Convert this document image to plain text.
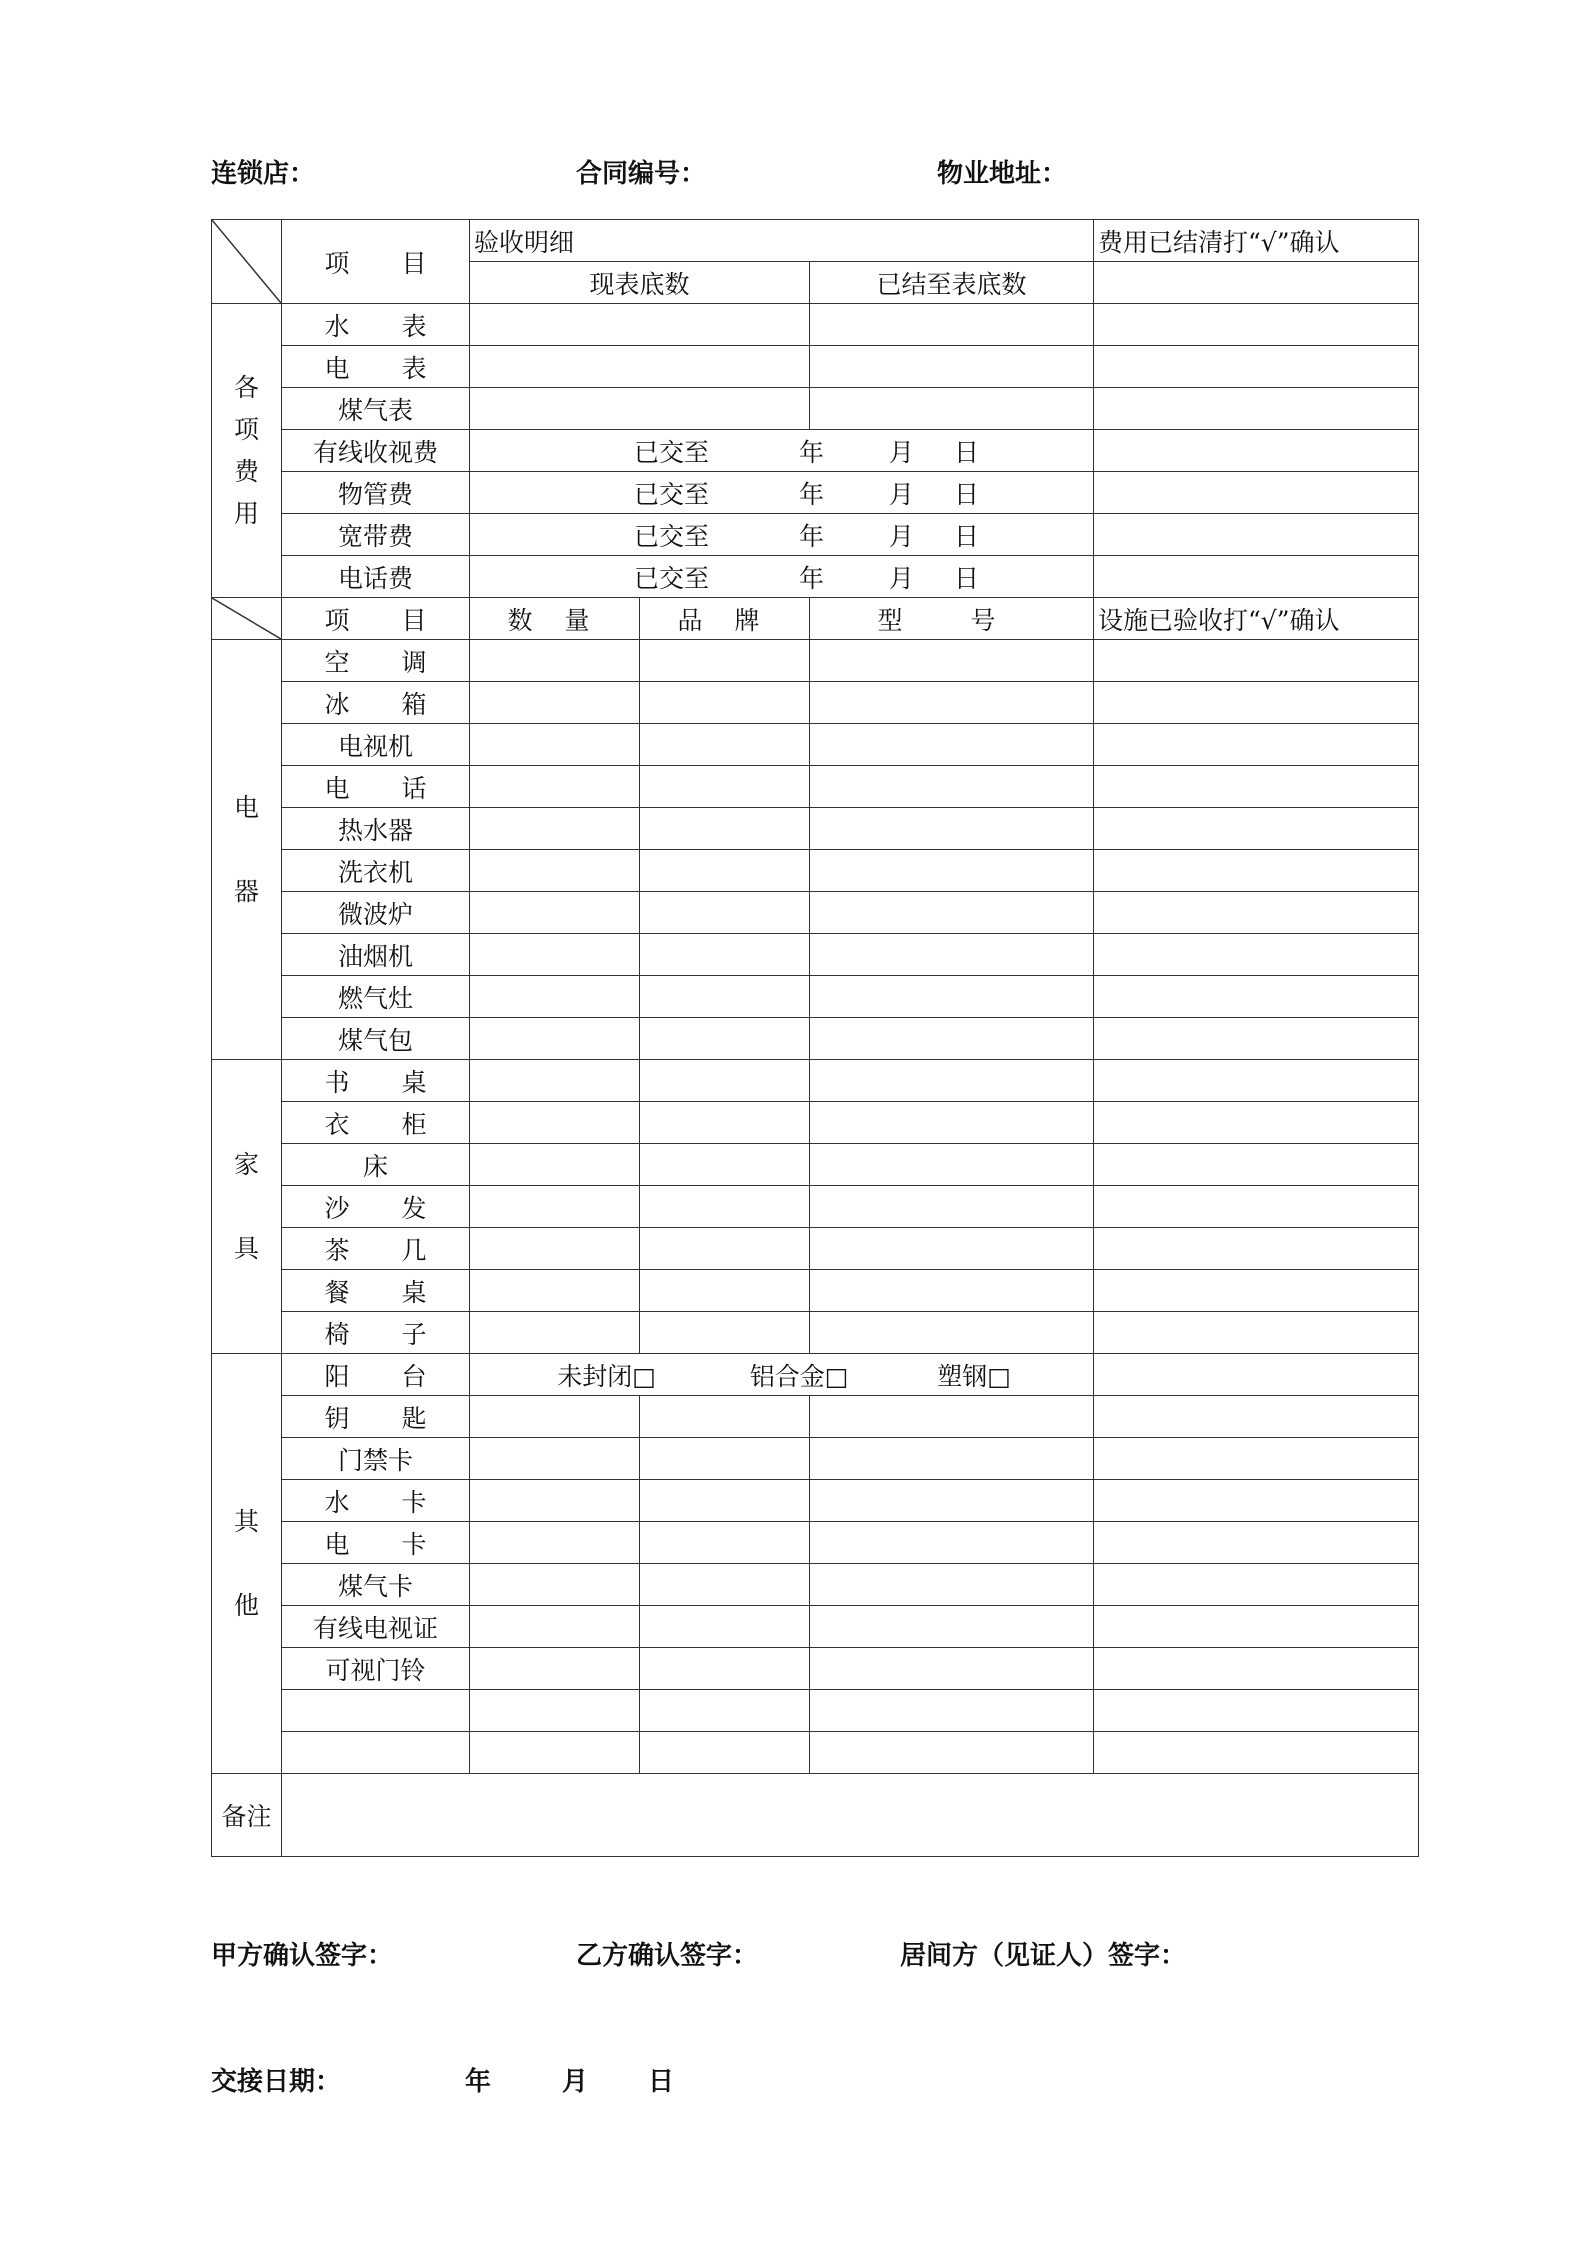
连锁店：	合同编号：	物业地址：
	项 目	验收明细			费用已结清打“√”确认
		现表底数		已结至表底数	

各
项
费
用	水 表				
	电 表				
	煤气表				
	有线收视费	已交至 年 月 日			
	物管费	已交至 年 月 日			
	宽带费	已交至 年 月 日			
	电话费	已交至 年 月 日			

	项 目	数 量	品 牌	型 号	设施已验收打“√”确认

电
器	空 调				
	冰 箱				
	电视机				
	电 话				
	热水器				
	洗衣机				
	微波炉				
	油烟机				
	燃气灶				
	煤气包				

家
具	书 桌				
	衣 柜				
	床				
	沙 发				
	茶 几				
	餐 桌				
	椅 子				

其
他	阳 台	未封闭□ 铝合金□ 塑钢□			
	钥 匙				
	门禁卡				
	水 卡				
	电 卡				
	煤气卡				
	有线电视证				
	可视门铃				

备注					
甲方确认签字：	乙方确认签字：	居间方（见证人）签字：
交接日期：	年	月 日
